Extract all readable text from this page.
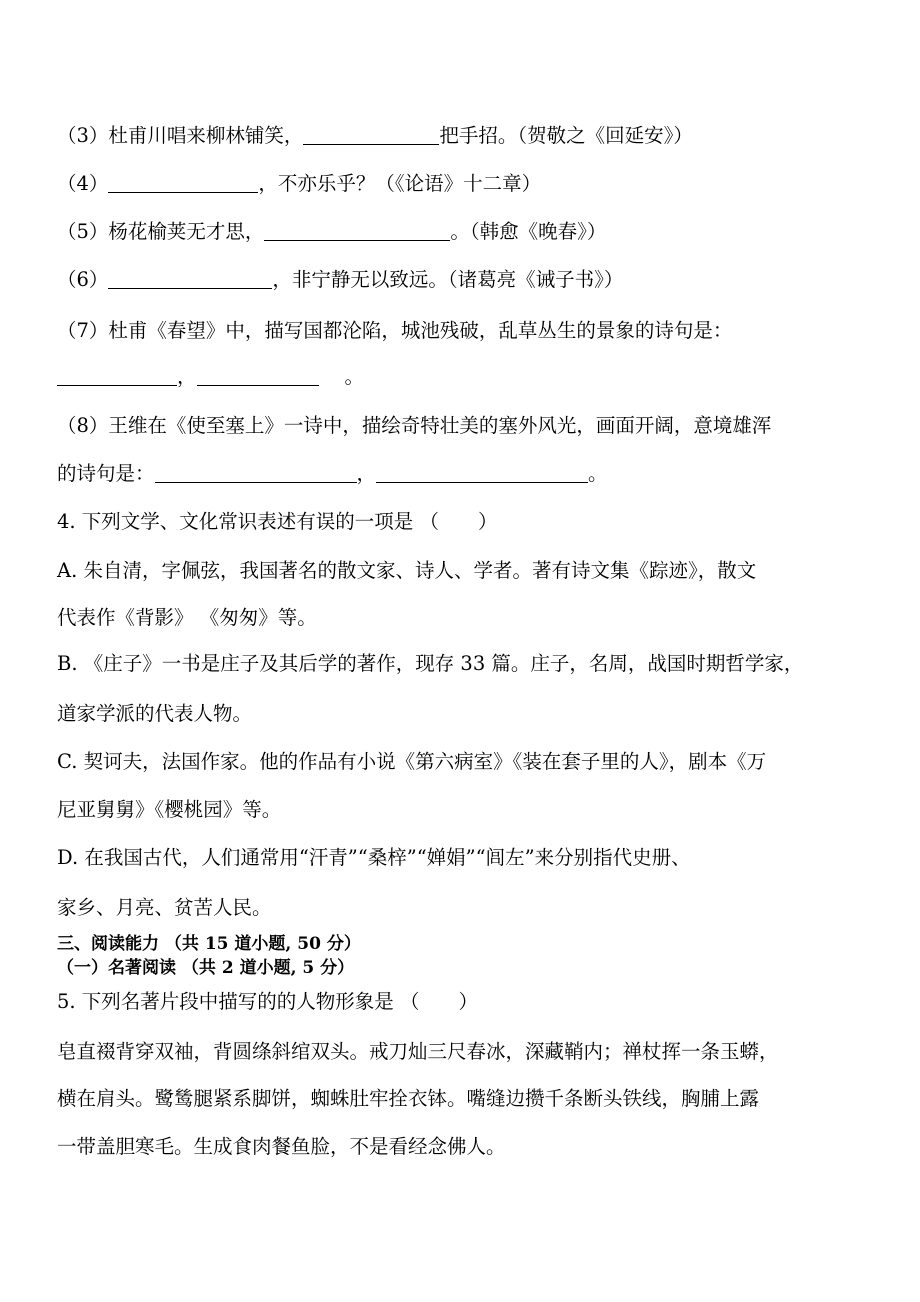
（3）杜甫川唱来柳林铺笑，	把手招。（贺敬之《回延安》）
（4）	，不亦乐乎？（《论语》十二章）
（5）杨花榆荚无才思，	。（韩愈《晚春》）
（6）	，非宁静无以致远。（诸葛亮《诫子书》）
（7）杜甫《春望》中，描写国都沦陷，城池残破，乱草丛生的景象的诗句是：
，	。
（8）王维在《使至塞上》一诗中，描绘奇特壮美的塞外风光，画面开阔，意境雄浑
的诗句是：	，	。
4. 下列文学、文化常识表述有误的一项是 （　　）
A. 朱自清，字佩弦，我国著名的散文家、诗人、学者。著有诗文集《踪迹》，散文
代表作《背影》 《匆匆》等。
B. 《庄子》一书是庄子及其后学的著作，现存 33 篇。庄子，名周，战国时期哲学家，
道家学派的代表人物。
C. 契诃夫，法国作家。他的作品有小说《第六病室》《装在套子里的人》，剧本《万
尼亚舅舅》《樱桃园》等。
D. 在我国古代，人们通常用“汗青”“桑梓”“婵娟”“闾左”来分别指代史册、
家乡、月亮、贫苦人民。
三、阅读能力 （共 15 道小题, 50 分）
（一）名著阅读 （共 2 道小题, 5 分）
5. 下列名著片段中描写的的人物形象是 （　　）
皂直裰背穿双袖，背圆绦斜绾双头。戒刀灿三尺春冰，深藏鞘内；禅杖挥一条玉蟒，
横在肩头。鹭鸶腿紧系脚饼，蜘蛛肚牢拴衣钵。嘴缝边攒千条断头铁线，胸脯上露
一带盖胆寒毛。生成食肉餐鱼脸，不是看经念佛人。
